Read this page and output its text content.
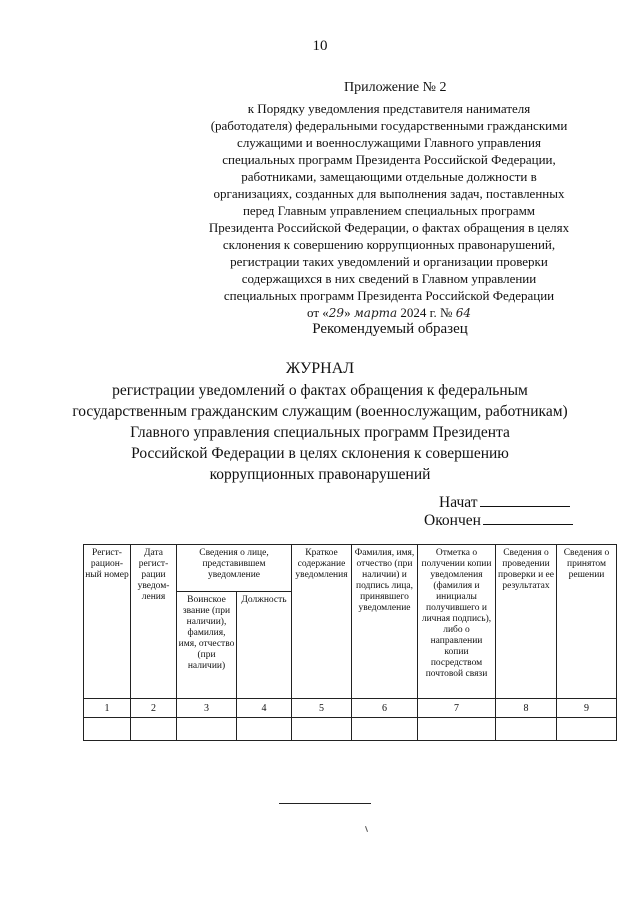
10
Приложение № 2
к Порядку уведомления представителя нанимателя
(работодателя) федеральными государственными гражданскими
служащими и военнослужащими Главного управления
специальных программ Президента Российской Федерации,
работниками, замещающими отдельные должности в
организациях, созданных для выполнения задач, поставленных
перед Главным управлением специальных программ
Президента Российской Федерации, о фактах обращения в целях
склонения к совершению коррупционных правонарушений,
регистрации таких уведомлений и организации проверки
содержащихся в них сведений в Главном управлении
специальных программ Президента Российской Федерации
от «29» марта 2024 г. № 64
Рекомендуемый образец
ЖУРНАЛ
регистрации уведомлений о фактах обращения к федеральным
государственным гражданским служащим (военнослужащим, работникам)
Главного управления специальных программ Президента
Российской Федерации в целях склонения к совершению
коррупционных правонарушений
Начат
Окончен
Регист-рацион-ный номер	Дата регист-рации уведом-ления	Сведения о лице, представившем уведомление		Краткое содержание уведомления	Фамилия, имя, отчество (при наличии) и подпись лица, принявшего уведомление	Отметка о получении копии уведомления (фамилия и инициалы получившего и личная подпись), либо о направлении копии посредством почтовой связи	Сведения о проведении проверки и ее результатах	Сведения о принятом решении
		Воинское звание (при наличии), фамилия, имя, отчество (при наличии)	Должность					
1	2	3	4	5	6	7	8	9
